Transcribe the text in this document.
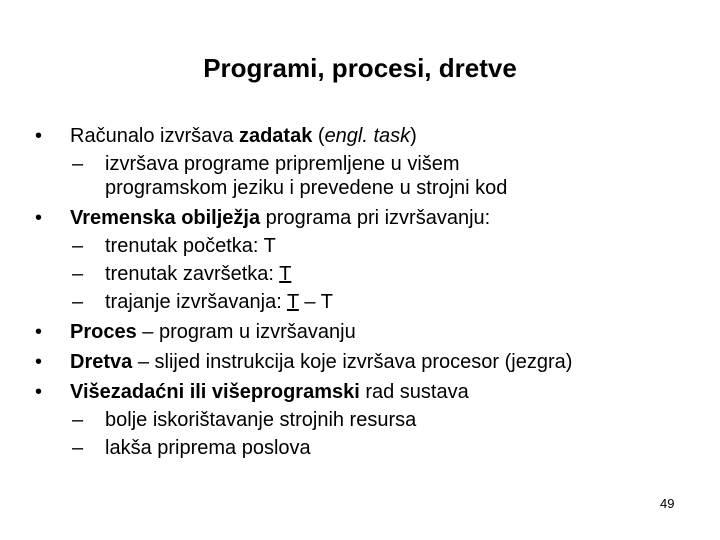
Programi, procesi, dretve
• Računalo izvršava zadatak (engl. task)
– izvršava programe pripremljene u višem
programskom jeziku i prevedene u strojni kod
• Vremenska obilježja programa pri izvršavanju:
– trenutak početka: T
– trenutak završetka: T
– trajanje izvršavanja: T – T
• Proces – program u izvršavanju
• Dretva – slijed instrukcija koje izvršava procesor (jezgra)
• Višezadaćni ili višeprogramski rad sustava
– bolje iskorištavanje strojnih resursa
– lakša priprema poslova
49
